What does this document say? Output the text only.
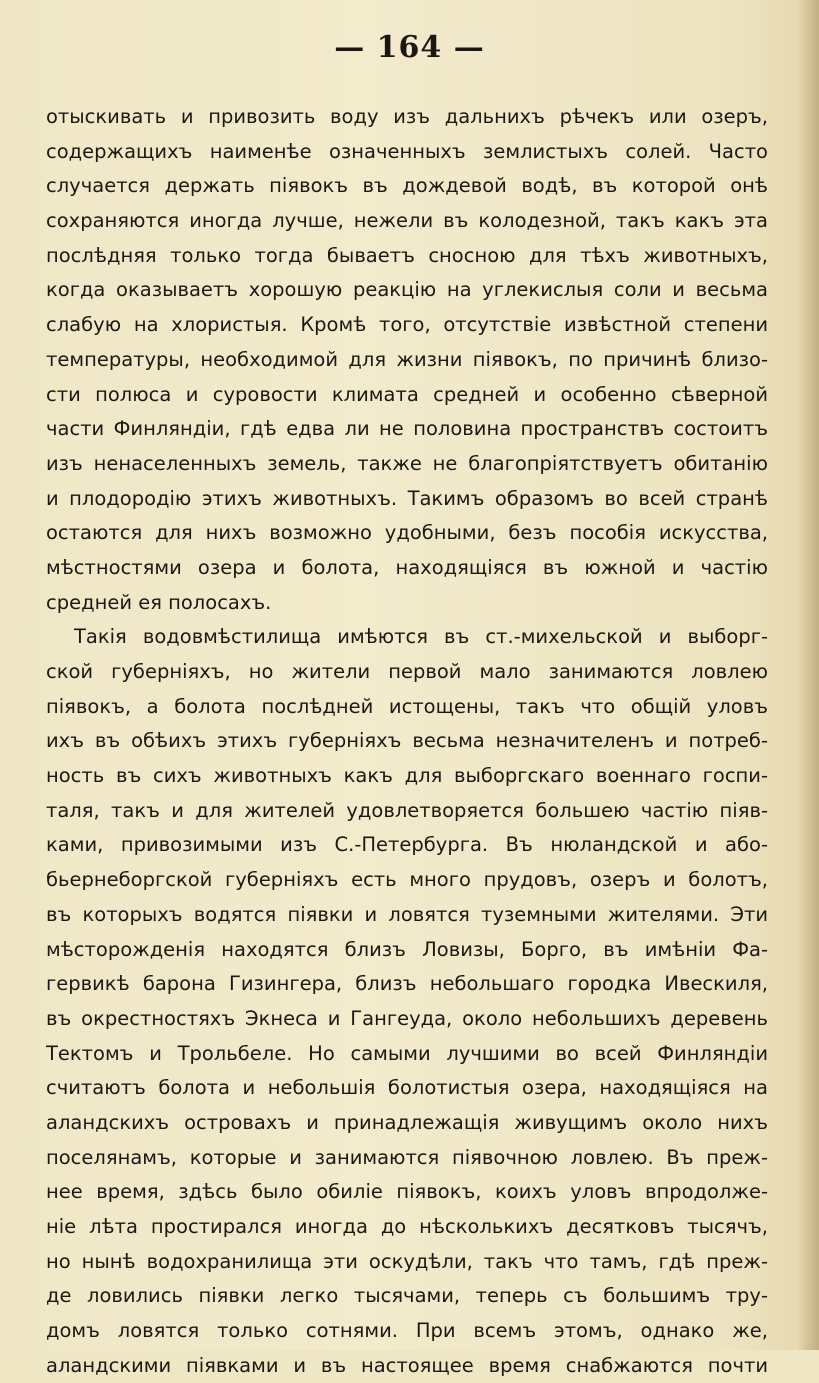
— 164 —
отыскивать и привозить воду изъ дальнихъ рѣчекъ или озеръ,
содержащихъ наименѣе означенныхъ землистыхъ солей. Часто
случается держать піявокъ въ дождевой водѣ, въ которой онѣ
сохраняются иногда лучше, нежели въ колодезной, такъ какъ эта
послѣдняя только тогда бываетъ сносною для тѣхъ животныхъ,
когда оказываетъ хорошую реакцію на углекислыя соли и весьма
слабую на хлористыя. Кромѣ того, отсутствіе извѣстной степени
температуры, необходимой для жизни піявокъ, по причинѣ близо-
сти полюса и суровости климата средней и особенно сѣверной
части Финляндіи, гдѣ едва ли не половина пространствъ состоитъ
изъ ненаселенныхъ земель, также не благопріятствуетъ обитанію
и плодородію этихъ животныхъ. Такимъ образомъ во всей странѣ
остаются для нихъ возможно удобными, безъ пособія искусства,
мѣстностями озера и болота, находящіяся въ южной и частію
средней ея полосахъ.
Такія водовмѣстилища имѣются въ ст.-михельской и выборг-
ской губерніяхъ, но жители первой мало занимаются ловлею
піявокъ, а болота послѣдней истощены, такъ что общій уловъ
ихъ въ обѣихъ этихъ губерніяхъ весьма незначителенъ и потреб-
ность въ сихъ животныхъ какъ для выборгскаго военнаго госпи-
таля, такъ и для жителей удовлетворяется большею частію піяв-
ками, привозимыми изъ С.-Петербурга. Въ нюландской и або-
бьернеборгской губерніяхъ есть много прудовъ, озеръ и болотъ,
въ которыхъ водятся піявки и ловятся туземными жителями. Эти
мѣсторожденія находятся близъ Ловизы, Борго, въ имѣніи Фа-
гервикѣ барона Гизингера, близъ небольшаго городка Ивескиля,
въ окрестностяхъ Экнеса и Гангеуда, около небольшихъ деревень
Тектомъ и Трольбеле. Но самыми лучшими во всей Финляндіи
считаютъ болота и небольшія болотистыя озера, находящіяся на
аландскихъ островахъ и принадлежащія живущимъ около нихъ
поселянамъ, которые и занимаются піявочною ловлею. Въ преж-
нее время, здѣсь было обиліе піявокъ, коихъ уловъ впродолже-
ніе лѣта простирался иногда до нѣсколькихъ десятковъ тысячъ,
но нынѣ водохранилища эти оскудѣли, такъ что тамъ, гдѣ преж-
де ловились піявки легко тысячами, теперь съ большимъ тру-
домъ ловятся только сотнями. При всемъ этомъ, однако же,
аландскими піявками и въ настоящее время снабжаются почти
